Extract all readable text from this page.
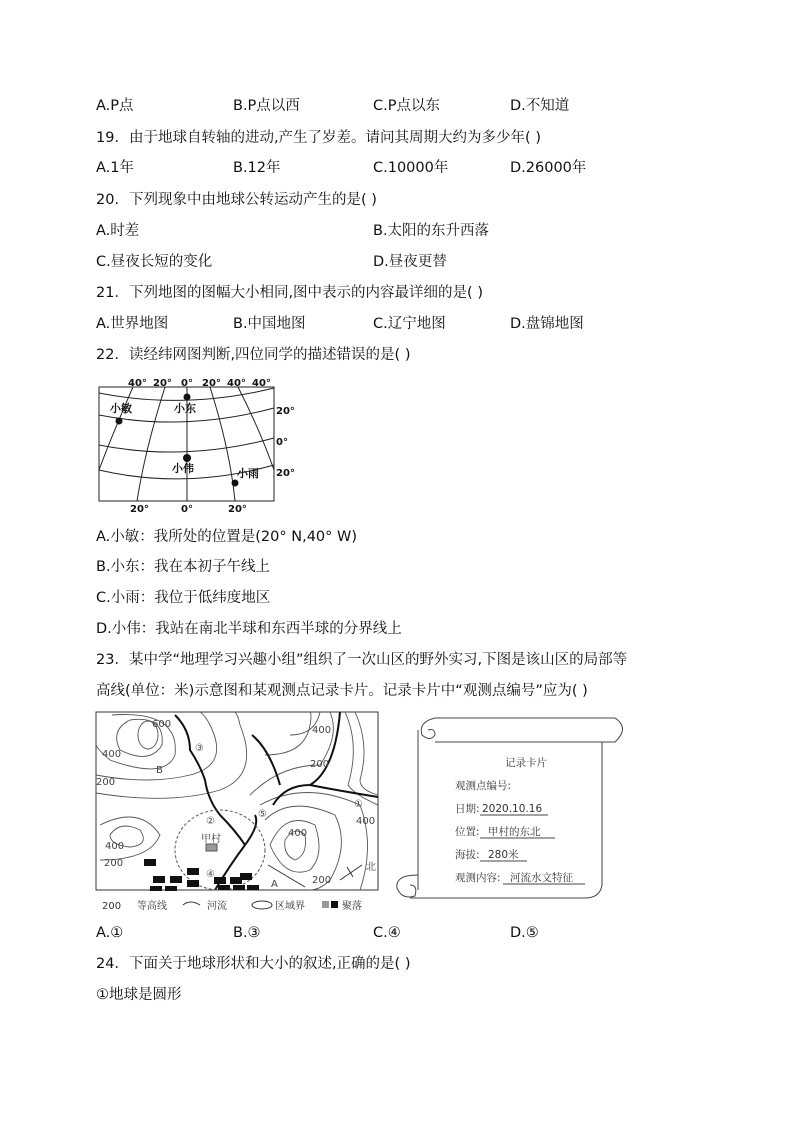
A.P点	B.P点以西	C.P点以东	D.不知道
19．由于地球自转轴的进动,产生了岁差。请问其周期大约为多少年( )
A.1年	B.12年	C.10000年	D.26000年
20．下列现象中由地球公转运动产生的是( )
A.时差	B.太阳的东升西落
C.昼夜长短的变化	D.昼夜更替
21．下列地图的图幅大小相同,图中表示的内容最详细的是( )
A.世界地图	B.中国地图	C.辽宁地图	D.盘锦地图
22．读经纬网图判断,四位同学的描述错误的是( )
40° 20° 0° 20° 40° 40°
20°
0°
20°
20°	0°	20°
小敏	小东
小伟	小雨
A.小敏：我所处的位置是(20° N,40° W)
B.小东：我在本初子午线上
C.小雨：我位于低纬度地区
D.小伟：我站在南北半球和东西半球的分界线上
23．某中学“地理学习兴趣小组”组织了一次山区的野外实习,下图是该山区的局部等
高线(单位：米)示意图和某观测点记录卡片。记录卡片中“观测点编号”应为( )
600
400
400
200
400
200
400
400
200
200
①
②
③
④
⑤
A
B
甲村
北
200 等高线	河流	区域界	聚落
记录卡片
观测点编号:
日期: 2020.10.16
位置: 甲村的东北
海拔: 280米
观测内容: 河流水文特征
A.①	B.③	C.④	D.⑤
24．下面关于地球形状和大小的叙述,正确的是( )
①地球是圆形
